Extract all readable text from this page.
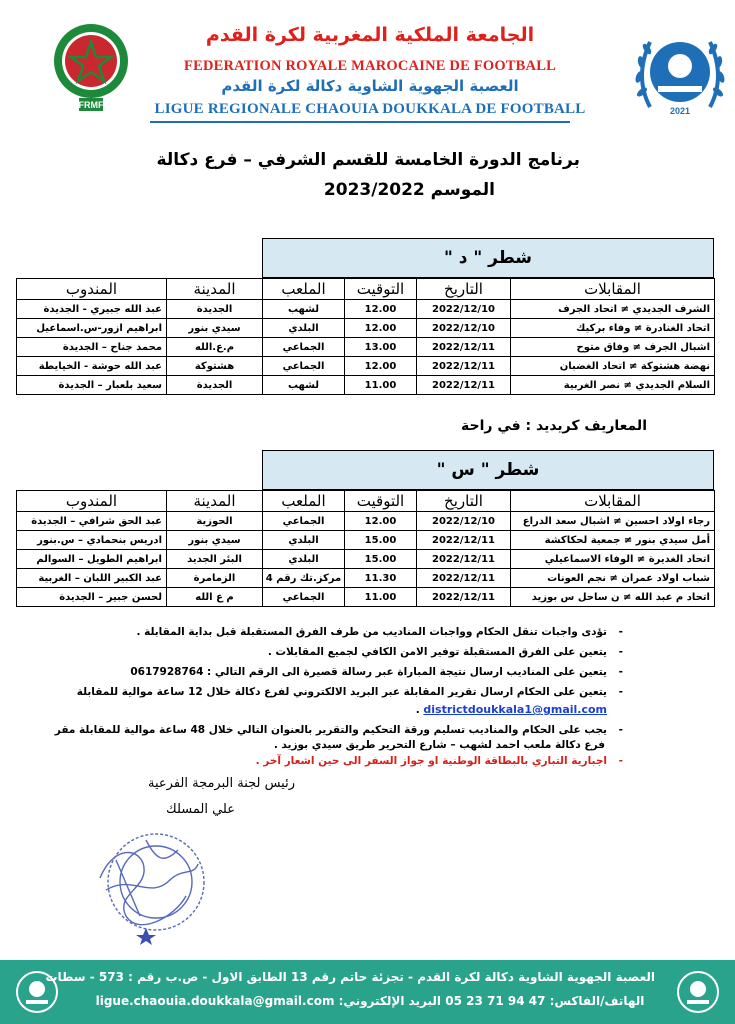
FRMF
الجامعة الملكية المغربية لكرة القدم
FEDERATION ROYALE MAROCAINE DE FOOTBALL
العصبة الجهوية الشاوية دكالة لكرة القدم
LIGUE REGIONALE CHAOUIA DOUKKALA DE FOOTBALL	2021
برنامج الدورة الخامسة للقسم الشرفي – فرع دكالة
الموسم 2023/2022
شطر " د "
المندوب	المدينة	الملعب	التوقيت	التاريخ	المقابلات
عبد الله جبيري - الجديدة	الجديدة	لشهب	12.00	2022/12/10	الشرف الجديدي ≠ اتحاد الجرف
ابراهيم ازور-س.اسماعيل	سيدي بنور	البلدي	12.00	2022/12/10	اتحاد الغنادرة ≠ وفاء بركيك
محمد جناح – الجديدة	م.ع.الله	الجماعي	13.00	2022/12/11	اشبال الجرف ≠ وفاق متوح
عبد الله حوشة - الخيايطة	هشتوكة	الجماعي	12.00	2022/12/11	نهضة هشتوكة ≠ اتحاد الغضبان
سعيد بلعبار – الجديدة	الجديدة	لشهب	11.00	2022/12/11	السلام الجديدي ≠ نصر الغربية
المعاريف كريديد : في راحة
شطر " س "
المندوب	المدينة	الملعب	التوقيت	التاريخ	المقابلات
عبد الحق شرافي – الجديدة	الحوزية	الجماعي	12.00	2022/12/10	رجاء اولاد احسين ≠ اشبال سعد الدراع
ادريس بنحمادي – س.بنور	سيدي بنور	البلدي	15.00	2022/12/11	أمل سيدي بنور ≠ جمعية لحكاكشة
ابراهيم الطويل – السوالم	البئر الجديد	البلدي	15.00	2022/12/11	اتحاد الغديرة ≠ الوفاء الاسماعيلي
عبد الكبير اللبان – الغربية	الزمامرة	مركز.تك رقم 4	11.30	2022/12/11	شباب اولاد عمران ≠ نجم العونات
لحسن جبير – الجديدة	م ع الله	الجماعي	11.00	2022/12/11	اتحاد م عبد الله ≠ ن ساحل س بوزيد
-تؤدى واجبات تنقل الحكام وواجبات المناديب من طرف الفرق المستقبلة قبل بداية المقابلة .
-يتعين على الفرق المستقبلة توفير الامن الكافي لجميع المقابلات .
-يتعين على المناديب ارسال نتيجة المباراة عبر رسالة قصيرة الى الرقم التالي : 0617928764
-يتعين على الحكام ارسال تقرير المقابلة عبر البريد الالكتروني لفرع دكالة خلال 12 ساعة موالية للمقابلة
districtdoukkala1@gmail.com .
-يجب على الحكام والمناديب تسليم ورقة التحكيم والتقرير بالعنوان التالي خلال 48 ساعة موالية للمقابلة مقر
فرع دكالة ملعب احمد لشهب – شارع التحرير طريق سيدي بوزيد .
-اجبارية التباري بالبطاقة الوطنية او جواز السفر الى حين اشعار آخر .
رئيس لجنة البرمجة الفرعية
علي المسلك
العصبة الجهوية الشاوية دكالة لكرة القدم - تجزئة حاتم رقم 13 الطابق الاول - ص.ب رقم : 573 - سطات
الهاتف/الفاكس: 47 94 71 23 05 البريد الإلكتروني: ligue.chaouia.doukkala@gmail.com
